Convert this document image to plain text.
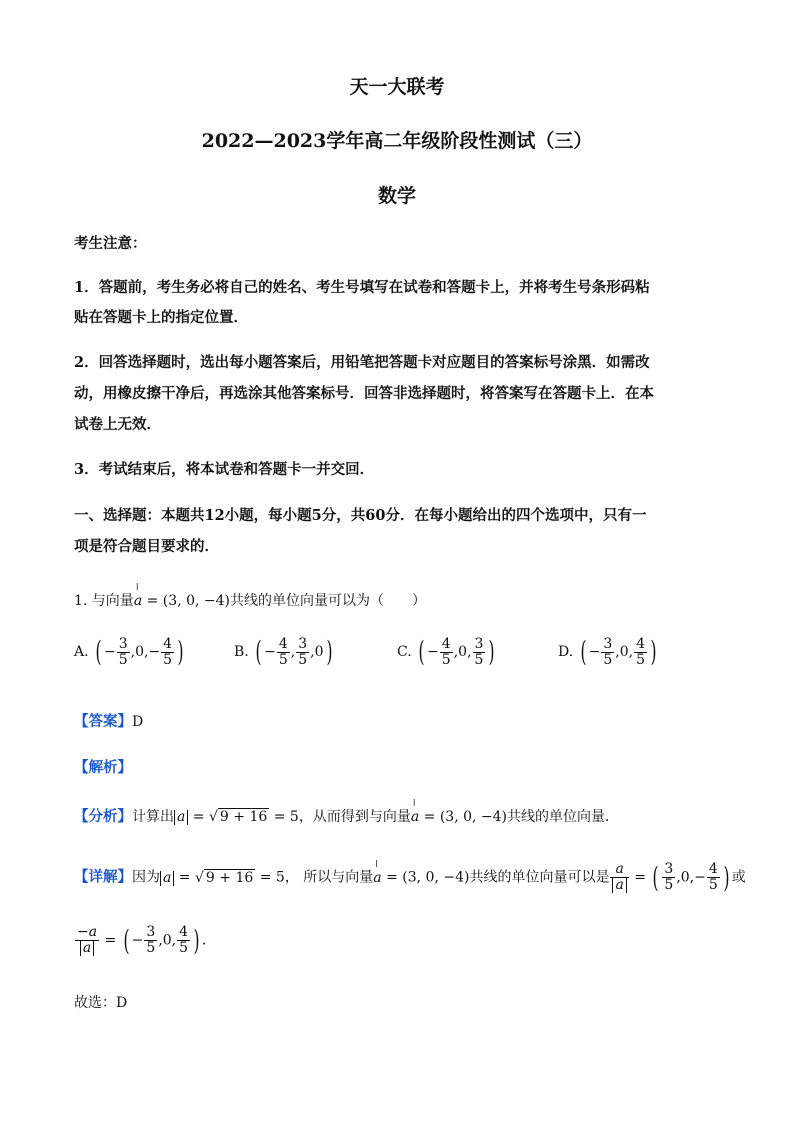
天一大联考
2022—2023学年高二年级阶段性测试（三）
数学
考生注意：
1．答题前，考生务必将自己的姓名、考生号填写在试卷和答题卡上，并将考生号条形码粘
贴在答题卡上的指定位置．
2．回答选择题时，选出每小题答案后，用铅笔把答题卡对应题目的答案标号涂黑．如需改
动，用橡皮擦干净后，再选涂其他答案标号．回答非选择题时，将答案写在答题卡上．在本
试卷上无效．
3．考试结束后，将本试卷和答题卡一并交回．
一、选择题：本题共12小题，每小题5分，共60分．在每小题给出的四个选项中，只有一
项是符合题目要求的．
1. 与向量ǀ a = (3, 0, −4)共线的单位向量可以为（　　）
A. ( − $\frac{3}{5} ,0,- \frac{4}{5}$ )	B. ( − $\frac{4}{5}$ , $\frac{3}{5} ,0$)	C. ( − $\frac{4}{5} ,0$, $\frac{3}{5}$ )	D. ( − $\frac{3}{5} ,0$, $\frac{4}{5}$ )
【答案】D
【解析】
【分析】计算出 a = √ 9 + 16 = 5，从而得到与向量ǀ a = (3, 0, −4)共线的单位向量．
【详解】因为 a = √ 9 + 16 = 5， 所以与向量ǀ a = (3, 0, −4)共线的单位向量可以是 $\frac{a}{a}$ = ( $\frac{3}{5} ,0,- \frac{4}{5}$ ) 或
$\frac{-a}{a}$ = ( − $\frac{3}{5} ,0$, $\frac{4}{5}$ ) ．
故选：D
